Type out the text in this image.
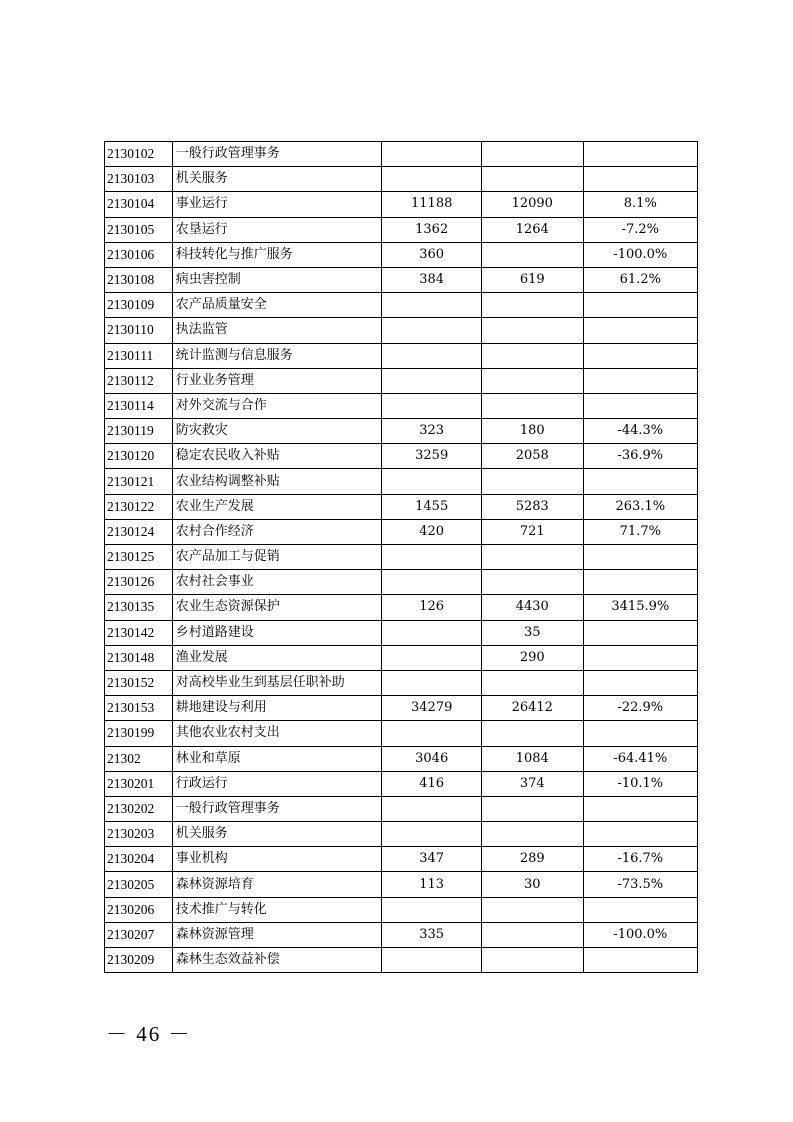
2130102	一般行政管理事务			
2130103	机关服务			
2130104	事业运行	11188	12090	8.1%
2130105	农垦运行	1362	1264	-7.2%
2130106	科技转化与推广服务	360		-100.0%
2130108	病虫害控制	384	619	61.2%
2130109	农产品质量安全			
2130110	执法监管			
2130111	统计监测与信息服务			
2130112	行业业务管理			
2130114	对外交流与合作			
2130119	防灾救灾	323	180	-44.3%
2130120	稳定农民收入补贴	3259	2058	-36.9%
2130121	农业结构调整补贴			
2130122	农业生产发展	1455	5283	263.1%
2130124	农村合作经济	420	721	71.7%
2130125	农产品加工与促销			
2130126	农村社会事业			
2130135	农业生态资源保护	126	4430	3415.9%
2130142	乡村道路建设		35	
2130148	渔业发展		290	
2130152	对高校毕业生到基层任职补助			
2130153	耕地建设与利用	34279	26412	-22.9%
2130199	其他农业农村支出			
21302	林业和草原	3046	1084	-64.41%
2130201	行政运行	416	374	-10.1%
2130202	一般行政管理事务			
2130203	机关服务			
2130204	事业机构	347	289	-16.7%
2130205	森林资源培育	113	30	-73.5%
2130206	技术推广与转化			
2130207	森林资源管理	335		-100.0%
2130209	森林生态效益补偿			
－ 46 －
